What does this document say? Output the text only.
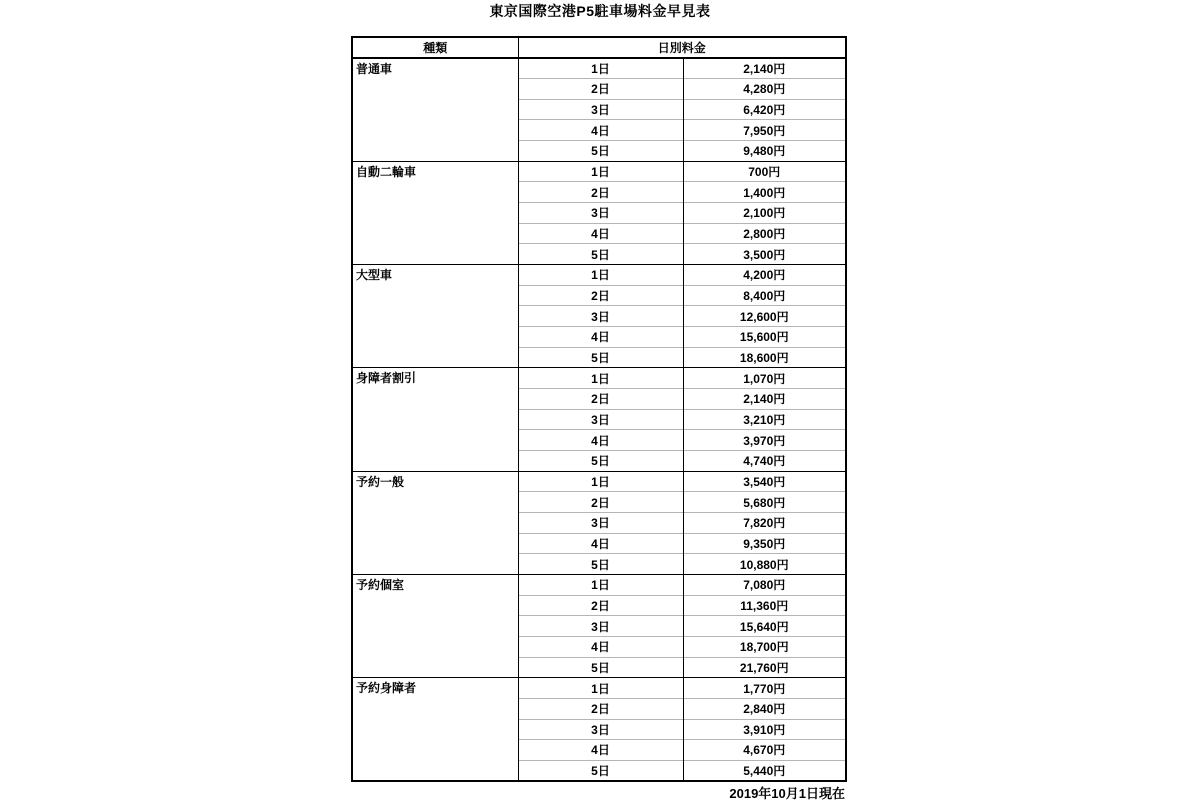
東京国際空港P5駐車場料金早見表
種類	日別料金	
普通車	1日	2,140円
	2日	4,280円
	3日	6,420円
	4日	7,950円
	5日	9,480円
自動二輪車	1日	700円
	2日	1,400円
	3日	2,100円
	4日	2,800円
	5日	3,500円
大型車	1日	4,200円
	2日	8,400円
	3日	12,600円
	4日	15,600円
	5日	18,600円
身障者割引	1日	1,070円
	2日	2,140円
	3日	3,210円
	4日	3,970円
	5日	4,740円
予約一般	1日	3,540円
	2日	5,680円
	3日	7,820円
	4日	9,350円
	5日	10,880円
予約個室	1日	7,080円
	2日	11,360円
	3日	15,640円
	4日	18,700円
	5日	21,760円
予約身障者	1日	1,770円
	2日	2,840円
	3日	3,910円
	4日	4,670円
	5日	5,440円
2019年10月1日現在
